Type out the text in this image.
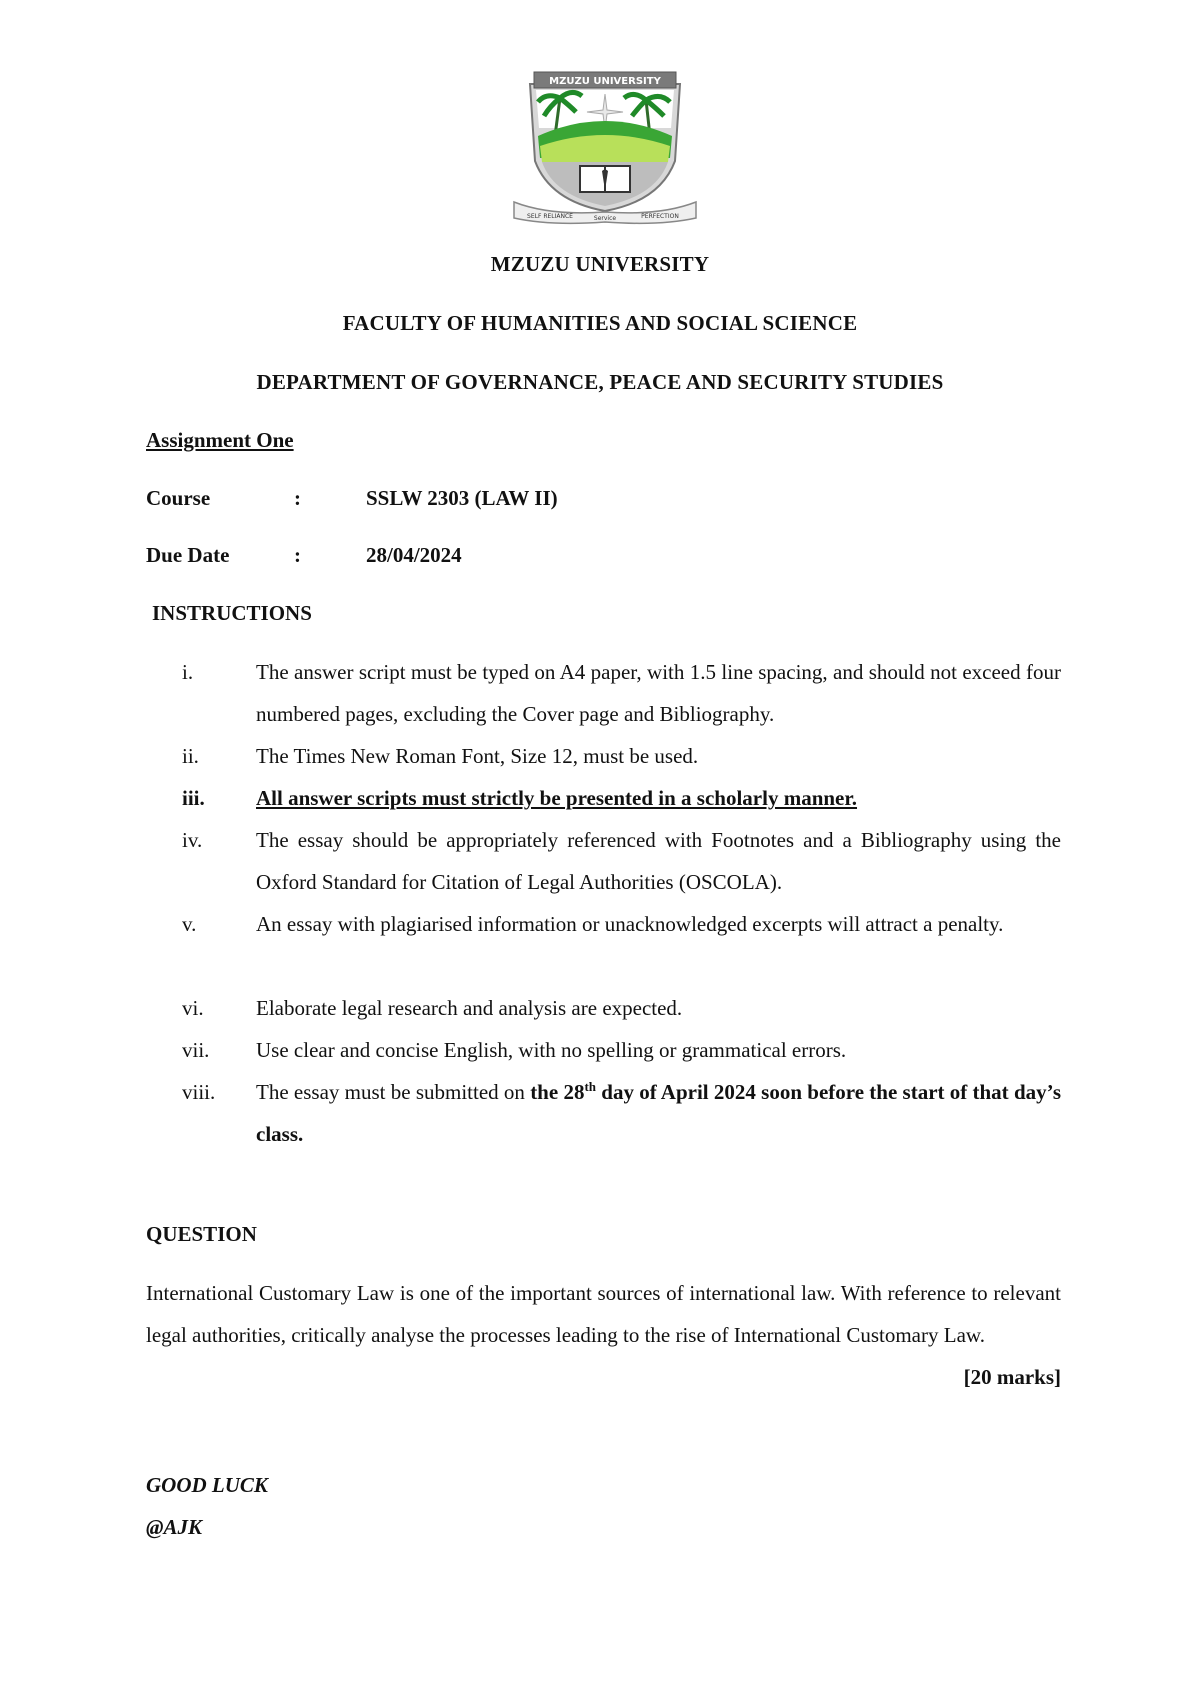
MZUZU UNIVERSITY
SELF RELIANCE	Service	PERFECTION
MZUZU UNIVERSITY
FACULTY OF HUMANITIES AND SOCIAL SCIENCE
DEPARTMENT OF GOVERNANCE, PEACE AND SECURITY STUDIES
Assignment One
Course	:	SSLW 2303 (LAW II)
Due Date	:	28/04/2024
INSTRUCTIONS
i.	The answer script must be typed on A4 paper, with 1.5 line spacing, and should not exceed four numbered pages, excluding the Cover page and Bibliography.
ii.	The Times New Roman Font, Size 12, must be used.
iii. All answer scripts must strictly be presented in a scholarly manner.
iv.	The essay should be appropriately referenced with Footnotes and a Bibliography using the Oxford Standard for Citation of Legal Authorities (OSCOLA).
v.	An essay with plagiarised information or unacknowledged excerpts will attract a penalty.
vi. Elaborate legal research and analysis are expected.
vii. Use clear and concise English, with no spelling or grammatical errors.
viii. The essay must be submitted on the 28th day of April 2024 soon before the start of that day’s class.
QUESTION
International Customary Law is one of the important sources of international law. With reference to relevant legal authorities, critically analyse the processes leading to the rise of International Customary Law.
[20 marks]
GOOD LUCK
@AJK
